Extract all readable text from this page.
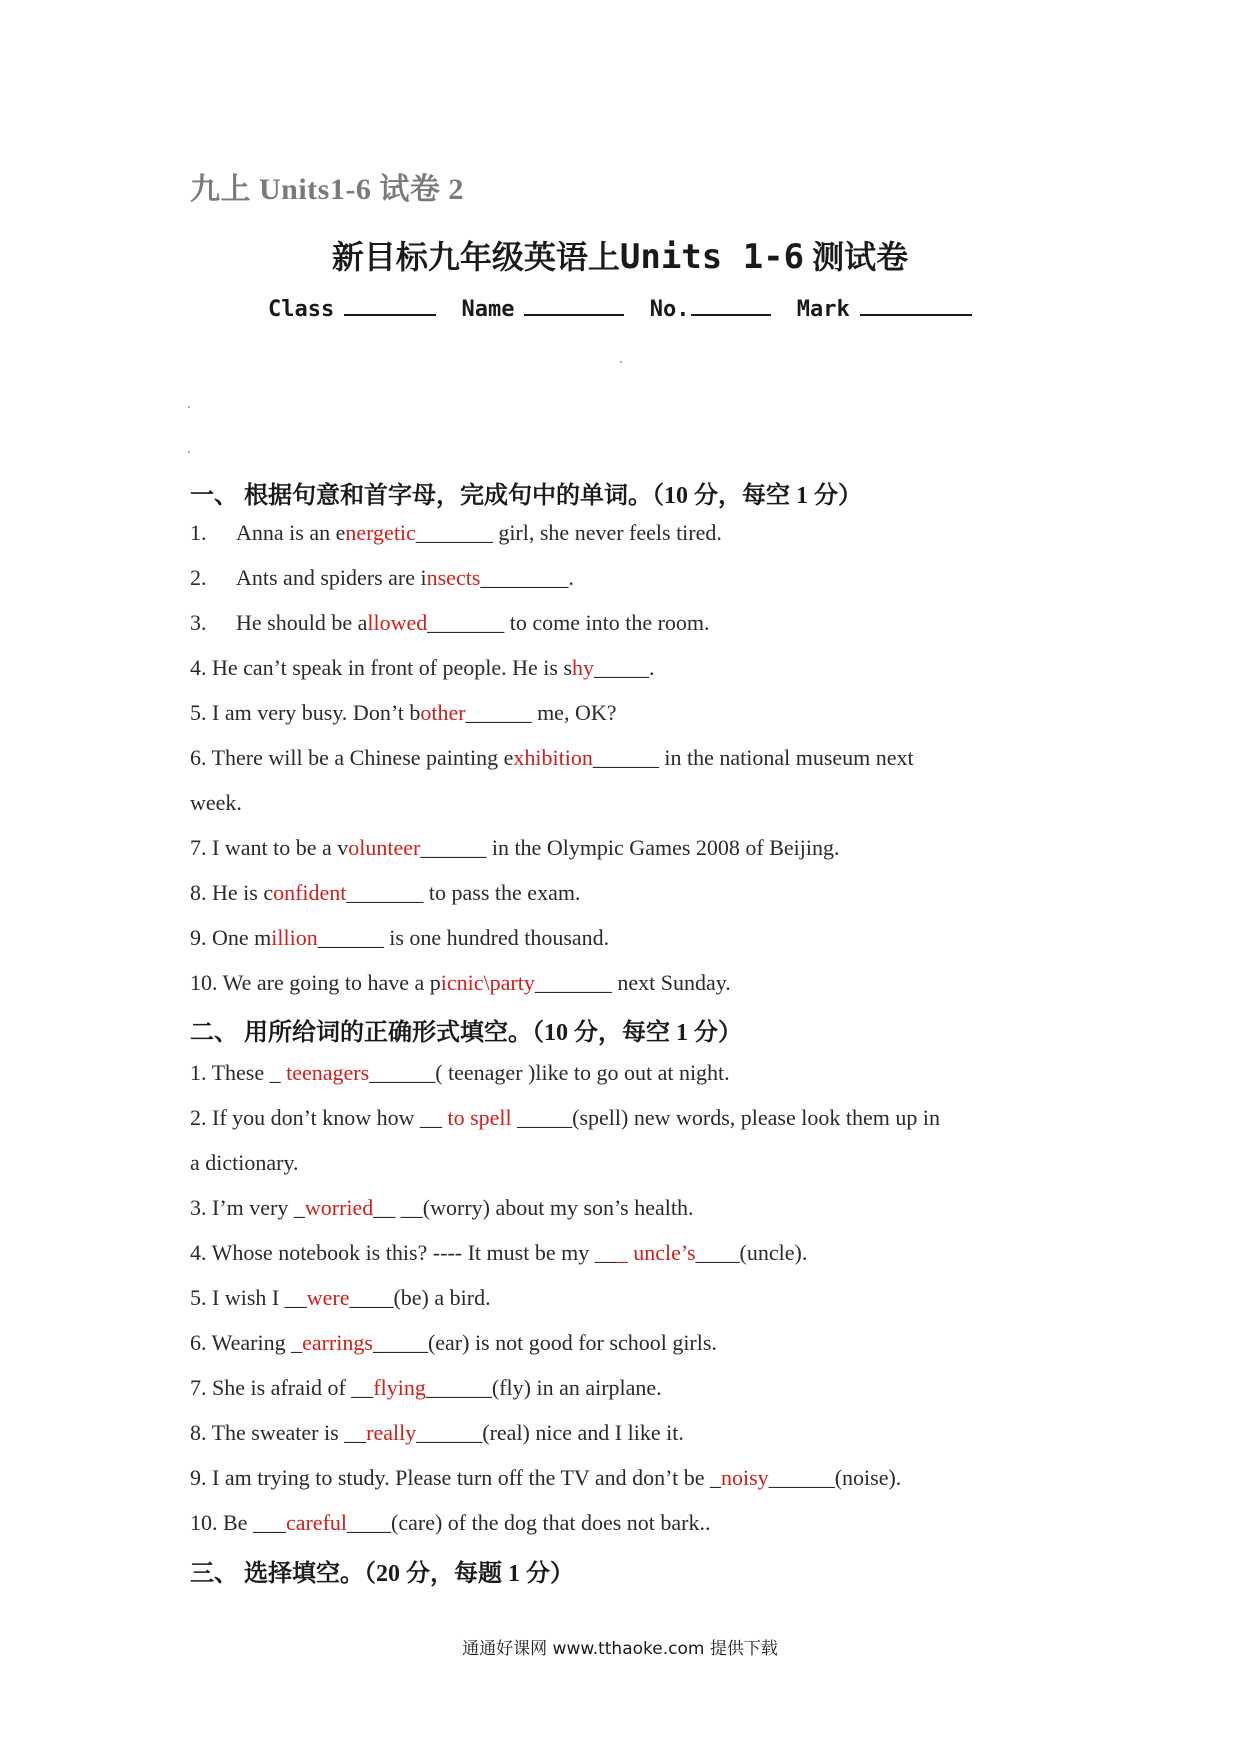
九上 Units1-6 试卷 2
新目标九年级英语上Units 1-6 测试卷
Class	Name	No.	Mark
一、 根据句意和首字母，完成句中的单词。（10 分，每空 1 分）
1. Anna is an energetic_______ girl, she never feels tired.
2. Ants and spiders are insects________.
3. He should be allowed_______ to come into the room.
4. He can’t speak in front of people. He is shy_____.
5. I am very busy. Don’t bother______ me, OK?
6. There will be a Chinese painting exhibition______ in the national museum next
week.
7. I want to be a volunteer______ in the Olympic Games 2008 of Beijing.
8. He is confident_______ to pass the exam.
9. One million______ is one hundred thousand.
10. We are going to have a picnic\party_______ next Sunday.
二、 用所给词的正确形式填空。（10 分，每空 1 分）
1. These _ teenagers______( teenager )like to go out at night.
2. If you don’t know how __ to spell _____(spell) new words, please look them up in
a dictionary.
3. I’m very _worried__ __(worry) about my son’s health.
4. Whose notebook is this? ---- It must be my ___ uncle’s____(uncle).
5. I wish I __were____(be) a bird.
6. Wearing _earrings_____(ear) is not good for school girls.
7. She is afraid of __flying______(fly) in an airplane.
8. The sweater is __really______(real) nice and I like it.
9. I am trying to study. Please turn off the TV and don’t be _noisy______(noise).
10. Be ___careful____(care) of the dog that does not bark..
三、 选择填空。（20 分，每题 1 分）
通通好课网 www.tthaoke.com 提供下载
